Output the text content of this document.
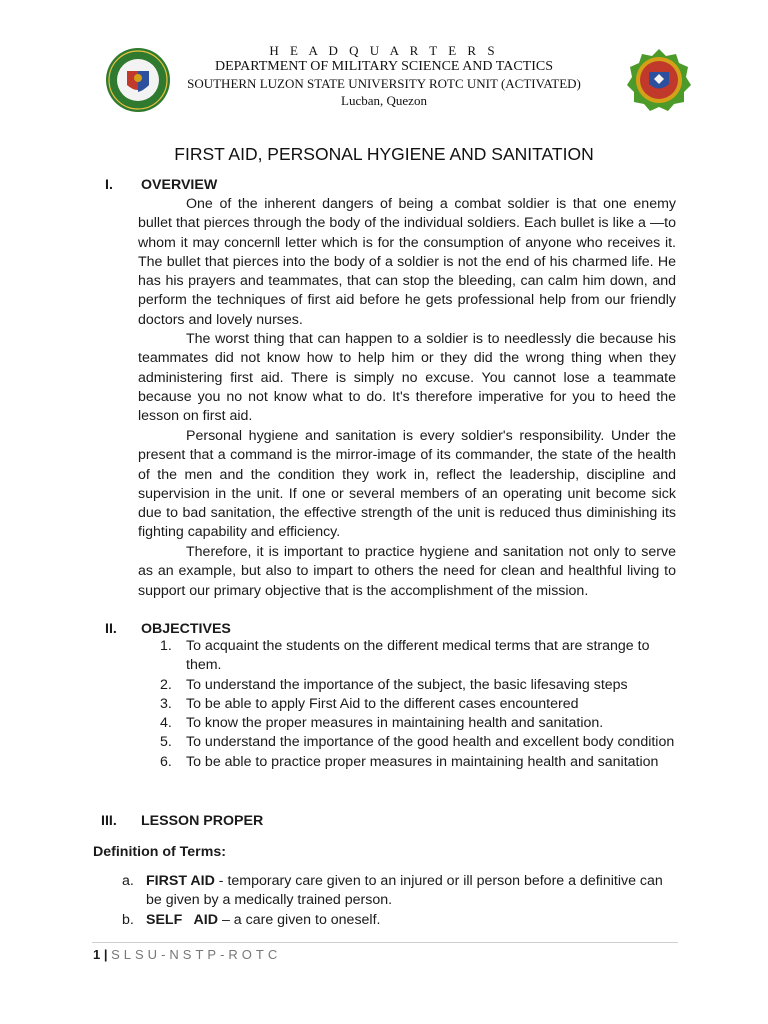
H E A D Q U A R T E R S
DEPARTMENT OF MILITARY SCIENCE AND TACTICS
SOUTHERN LUZON STATE UNIVERSITY ROTC UNIT (ACTIVATED)
Lucban, Quezon
FIRST AID, PERSONAL HYGIENE AND SANITATION
I. OVERVIEW

One of the inherent dangers of being a combat soldier is that one enemy bullet that pierces through the body of the individual soldiers. Each bullet is like a —to whom it may concern‖ letter which is for the consumption of anyone who receives it. The bullet that pierces into the body of a soldier is not the end of his charmed life. He has his prayers and teammates, that can stop the bleeding, can calm him down, and perform the techniques of first aid before he gets professional help from our friendly doctors and lovely nurses.

The worst thing that can happen to a soldier is to needlessly die because his teammates did not know how to help him or they did the wrong thing when they administering first aid. There is simply no excuse. You cannot lose a teammate because you no not know what to do. It's therefore imperative for you to heed the lesson on first aid.

Personal hygiene and sanitation is every soldier's responsibility. Under the present that a command is the mirror-image of its commander, the state of the health of the men and the condition they work in, reflect the leadership, discipline and supervision in the unit. If one or several members of an operating unit become sick due to bad sanitation, the effective strength of the unit is reduced thus diminishing its fighting capability and efficiency.

Therefore, it is important to practice hygiene and sanitation not only to serve as an example, but also to impart to others the need for clean and healthful living to support our primary objective that is the accomplishment of the mission.

II. OBJECTIVES
1. To acquaint the students on the different medical terms that are strange to them.
2. To understand the importance of the subject, the basic lifesaving steps
3. To be able to apply First Aid to the different cases encountered
4. To know the proper measures in maintaining health and sanitation.
5. To understand the importance of the good health and excellent body condition
6. To be able to practice proper measures in maintaining health and sanitation
III. LESSON PROPER
Definition of Terms:
a. FIRST AID - temporary care given to an injured or ill person before a definitive can be given by a medically trained person.
b. SELF   AID – a care given to oneself.
1 | SLSU-NSTP-ROTC
